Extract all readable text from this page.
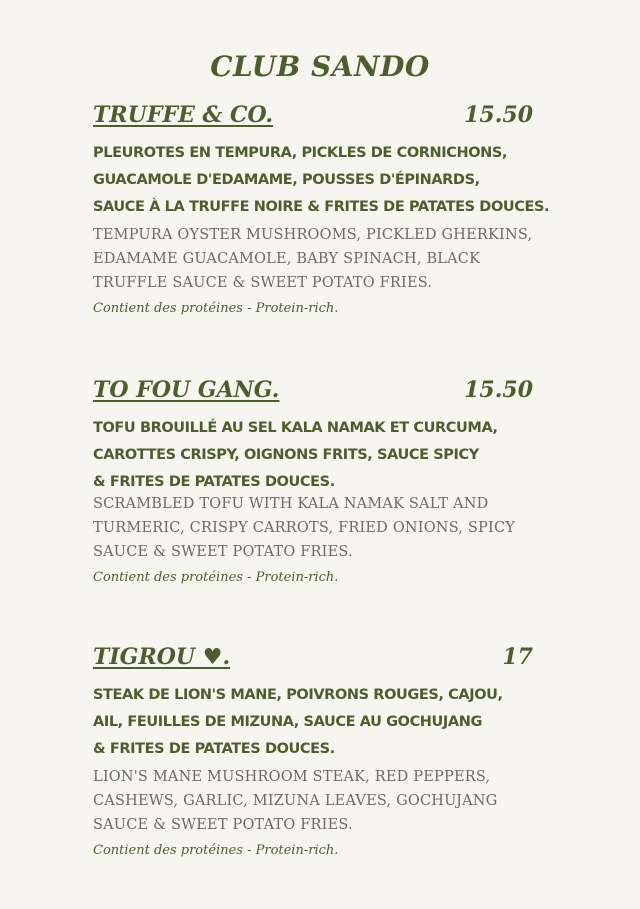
CLUB SANDO
TRUFFE & CO.	15.50
PLEUROTES EN TEMPURA, PICKLES DE CORNICHONS,
GUACAMOLE D'EDAMAME, POUSSES D'ÉPINARDS,
SAUCE À LA TRUFFE NOIRE & FRITES DE PATATES DOUCES.
TEMPURA OYSTER MUSHROOMS, PICKLED GHERKINS,
EDAMAME GUACAMOLE, BABY SPINACH, BLACK
TRUFFLE SAUCE & SWEET POTATO FRIES.
Contient des protéines - Protein-rich.
TO FOU GANG.	15.50
TOFU BROUILLÉ AU SEL KALA NAMAK ET CURCUMA,
CAROTTES CRISPY, OIGNONS FRITS, SAUCE SPICY
& FRITES DE PATATES DOUCES.
SCRAMBLED TOFU WITH KALA NAMAK SALT AND
TURMERIC, CRISPY CARROTS, FRIED ONIONS, SPICY
SAUCE & SWEET POTATO FRIES.
Contient des protéines - Protein-rich.
TIGROU ♥.	17
STEAK DE LION'S MANE, POIVRONS ROUGES, CAJOU,
AIL, FEUILLES DE MIZUNA, SAUCE AU GOCHUJANG
& FRITES DE PATATES DOUCES.
LION'S MANE MUSHROOM STEAK, RED PEPPERS,
CASHEWS, GARLIC, MIZUNA LEAVES, GOCHUJANG
SAUCE & SWEET POTATO FRIES.
Contient des protéines - Protein-rich.
